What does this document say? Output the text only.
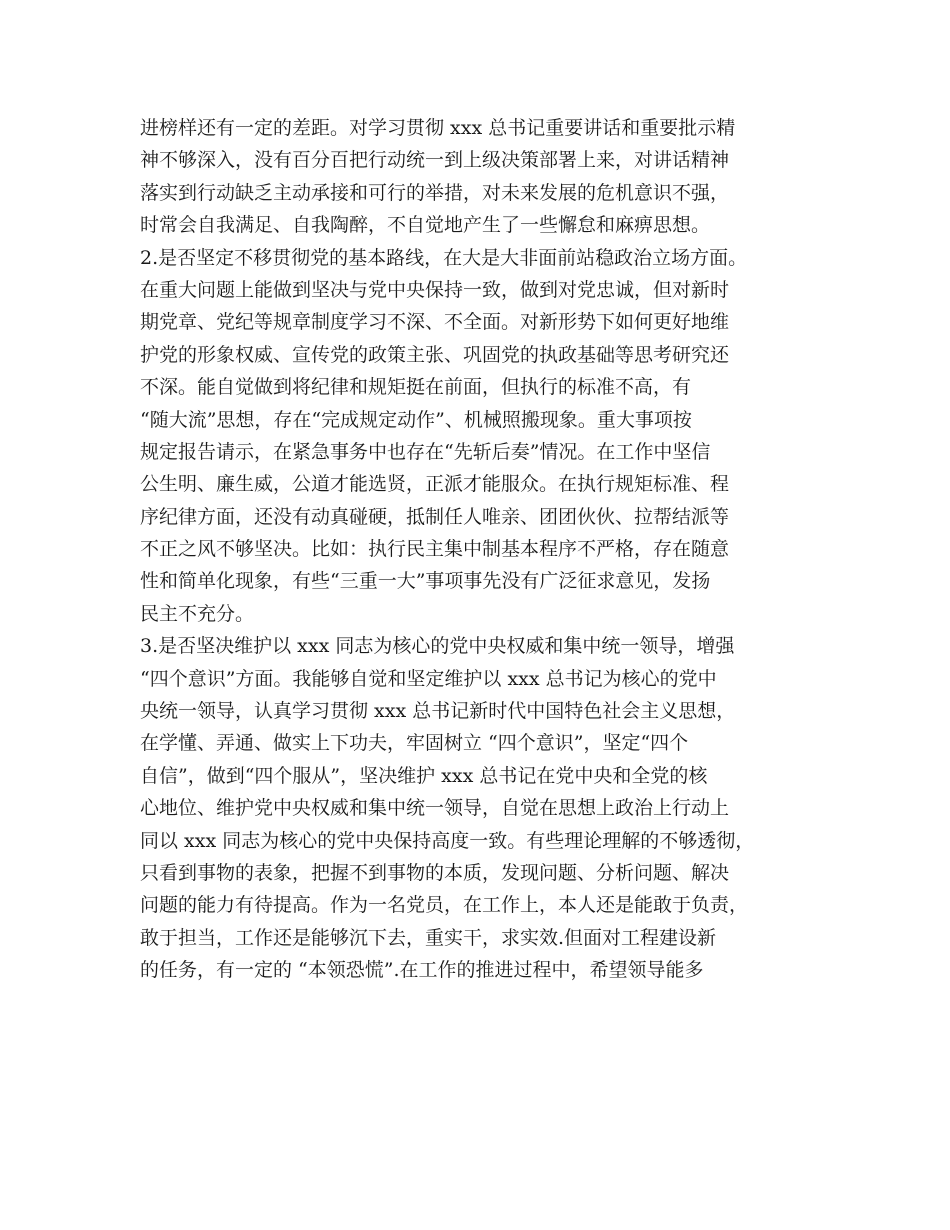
进榜样还有一定的差距。对学习贯彻 xxx 总书记重要讲话和重要批示精
神不够深入，没有百分百把行动统一到上级决策部署上来，对讲话精神
落实到行动缺乏主动承接和可行的举措，对未来发展的危机意识不强，
时常会自我满足、自我陶醉，不自觉地产生了一些懈怠和麻痹思想。
2.是否坚定不移贯彻党的基本路线，在大是大非面前站稳政治立场方面。
在重大问题上能做到坚决与党中央保持一致，做到对党忠诚，但对新时
期党章、党纪等规章制度学习不深、不全面。对新形势下如何更好地维
护党的形象权威、宣传党的政策主张、巩固党的执政基础等思考研究还
不深。能自觉做到将纪律和规矩挺在前面，但执行的标准不高，有
“随大流”思想，存在“完成规定动作”、机械照搬现象。重大事项按
规定报告请示，在紧急事务中也存在“先斩后奏”情况。在工作中坚信
公生明、廉生威，公道才能选贤，正派才能服众。在执行规矩标准、程
序纪律方面，还没有动真碰硬，抵制任人唯亲、团团伙伙、拉帮结派等
不正之风不够坚决。比如：执行民主集中制基本程序不严格，存在随意
性和简单化现象，有些“三重一大”事项事先没有广泛征求意见，发扬
民主不充分。
3.是否坚决维护以 xxx 同志为核心的党中央权威和集中统一领导，增强
“四个意识”方面。我能够自觉和坚定维护以 xxx 总书记为核心的党中
央统一领导，认真学习贯彻 xxx 总书记新时代中国特色社会主义思想，
在学懂、弄通、做实上下功夫，牢固树立 “四个意识”，坚定“四个
自信”，做到“四个服从”，坚决维护 xxx 总书记在党中央和全党的核
心地位、维护党中央权威和集中统一领导，自觉在思想上政治上行动上
同以 xxx 同志为核心的党中央保持高度一致。有些理论理解的不够透彻，
只看到事物的表象，把握不到事物的本质，发现问题、分析问题、解决
问题的能力有待提高。作为一名党员，在工作上，本人还是能敢于负责，
敢于担当，工作还是能够沉下去，重实干，求实效.但面对工程建设新
的任务，有一定的 “本领恐慌”.在工作的推进过程中，希望领导能多
